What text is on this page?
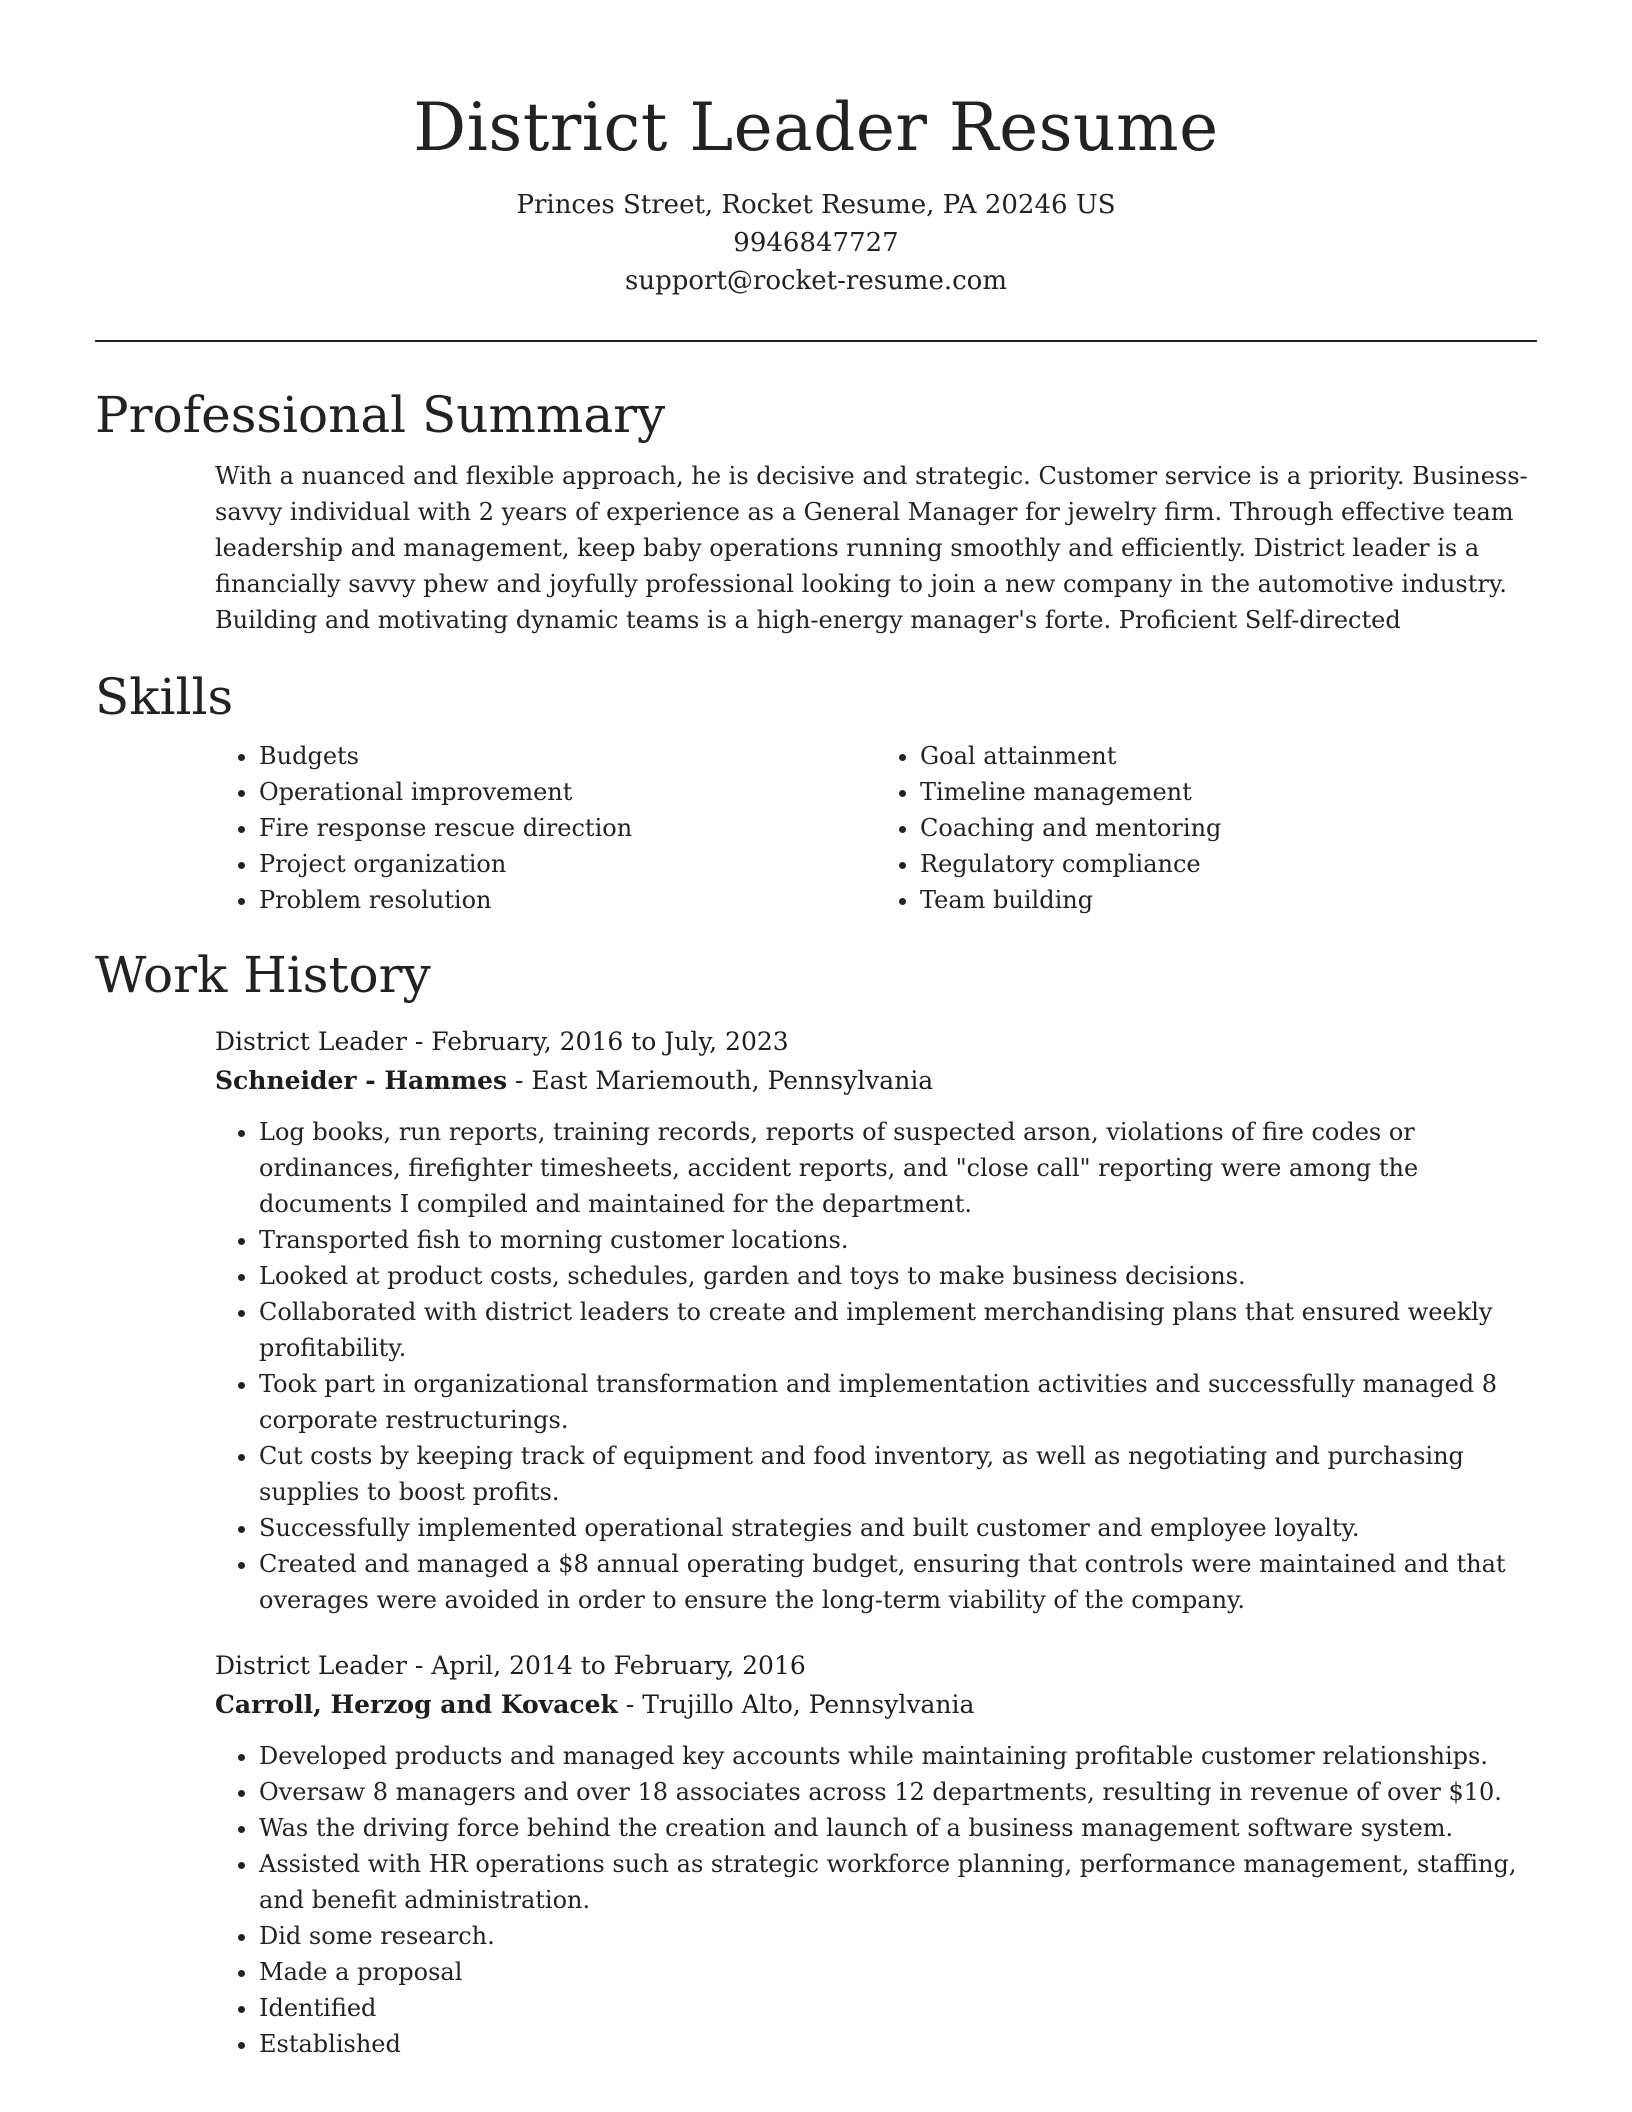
District Leader Resume

Princes Street, Rocket Resume, PA 20246 US

9946847727

support@rocket-resume.com

Professional Summary

With a nuanced and flexible approach, he is decisive and strategic. Customer service is a priority. Business-savvy individual with 2 years of experience as a General Manager for jewelry firm. Through effective team leadership and management, keep baby operations running smoothly and efficiently. District leader is a financially savvy phew and joyfully professional looking to join a new company in the automotive industry. Building and motivating dynamic teams is a high-energy manager's forte. Proficient Self-directed

Skills
• Budgets
• Operational improvement
• Fire response rescue direction
• Project organization
• Problem resolution
• Goal attainment
• Timeline management
• Coaching and mentoring
• Regulatory compliance
• Team building
Work History

District Leader - February, 2016 to July, 2023

Schneider - Hammes - East Mariemouth, Pennsylvania

• Log books, run reports, training records, reports of suspected arson, violations of fire codes or ordinances, firefighter timesheets, accident reports, and "close call" reporting were among the documents I compiled and maintained for the department.
• Transported fish to morning customer locations.
• Looked at product costs, schedules, garden and toys to make business decisions.
• Collaborated with district leaders to create and implement merchandising plans that ensured weekly profitability.
• Took part in organizational transformation and implementation activities and successfully managed 8 corporate restructurings.
• Cut costs by keeping track of equipment and food inventory, as well as negotiating and purchasing supplies to boost profits.
• Successfully implemented operational strategies and built customer and employee loyalty.
• Created and managed a $8 annual operating budget, ensuring that controls were maintained and that overages were avoided in order to ensure the long-term viability of the company.

District Leader - April, 2014 to February, 2016

Carroll, Herzog and Kovacek - Trujillo Alto, Pennsylvania

• Developed products and managed key accounts while maintaining profitable customer relationships.
• Oversaw 8 managers and over 18 associates across 12 departments, resulting in revenue of over $10.
• Was the driving force behind the creation and launch of a business management software system.
• Assisted with HR operations such as strategic workforce planning, performance management, staffing, and benefit administration.
• Did some research.
• Made a proposal
• Identified
• Established
